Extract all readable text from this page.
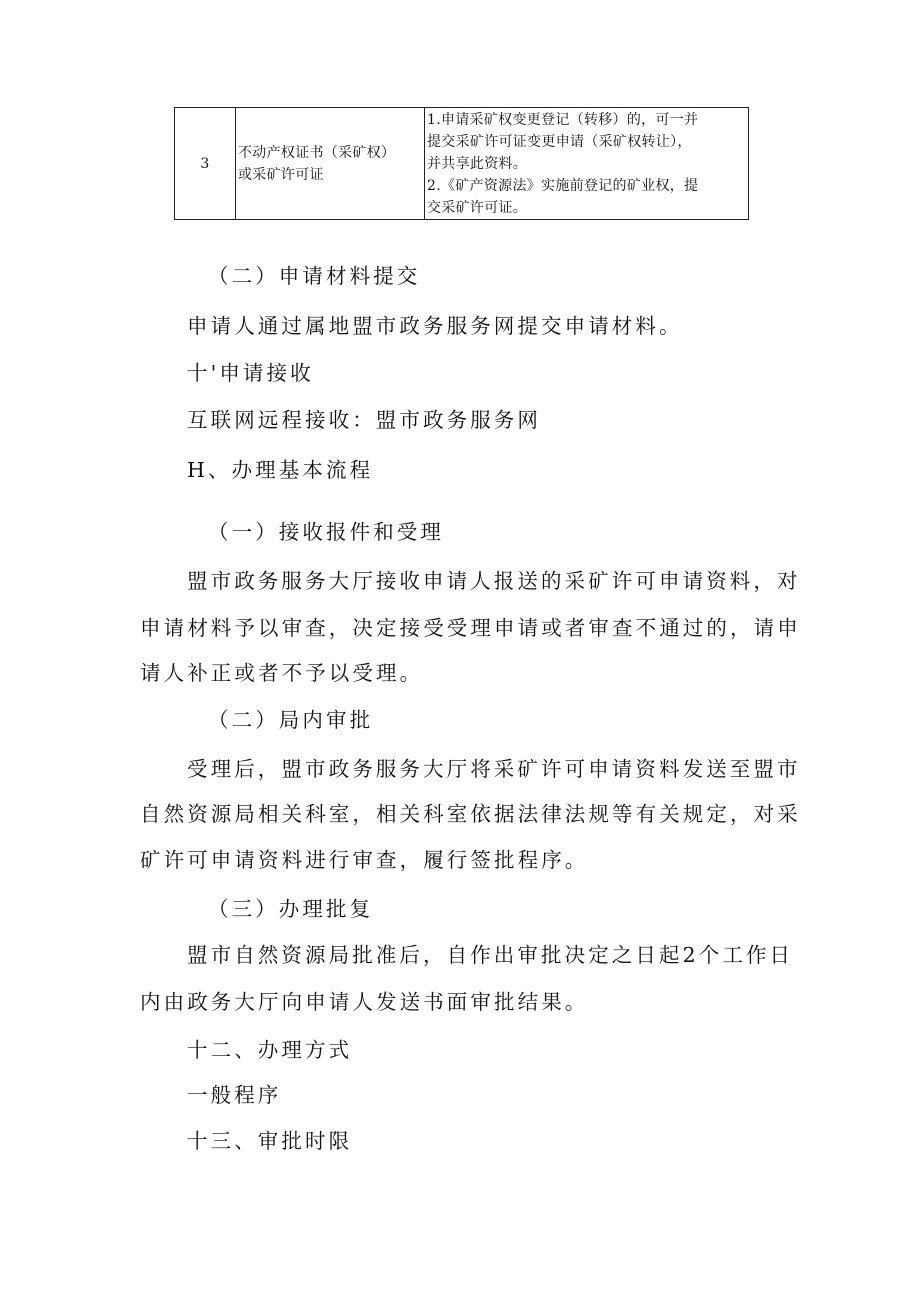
3
不动产权证书（采矿权）
或采矿许可证
1.申请采矿权变更登记（转移）的，可一并
提交采矿许可证变更申请（采矿权转让），
并共享此资料。
2.《矿产资源法》实施前登记的矿业权，提
交采矿许可证。
（二）申请材料提交
申请人通过属地盟市政务服务网提交申请材料。
十'申请接收
互联网远程接收：盟市政务服务网
H、办理基本流程
（一）接收报件和受理
盟市政务服务大厅接收申请人报送的采矿许可申请资料，对
申请材料予以审查，决定接受受理申请或者审查不通过的，请申
请人补正或者不予以受理。
（二）局内审批
受理后，盟市政务服务大厅将采矿许可申请资料发送至盟市
自然资源局相关科室，相关科室依据法律法规等有关规定，对采
矿许可申请资料进行审查，履行签批程序。
（三）办理批复
盟市自然资源局批准后，自作出审批决定之日起2个工作日
内由政务大厅向申请人发送书面审批结果。
十二、办理方式
一般程序
十三、审批时限
